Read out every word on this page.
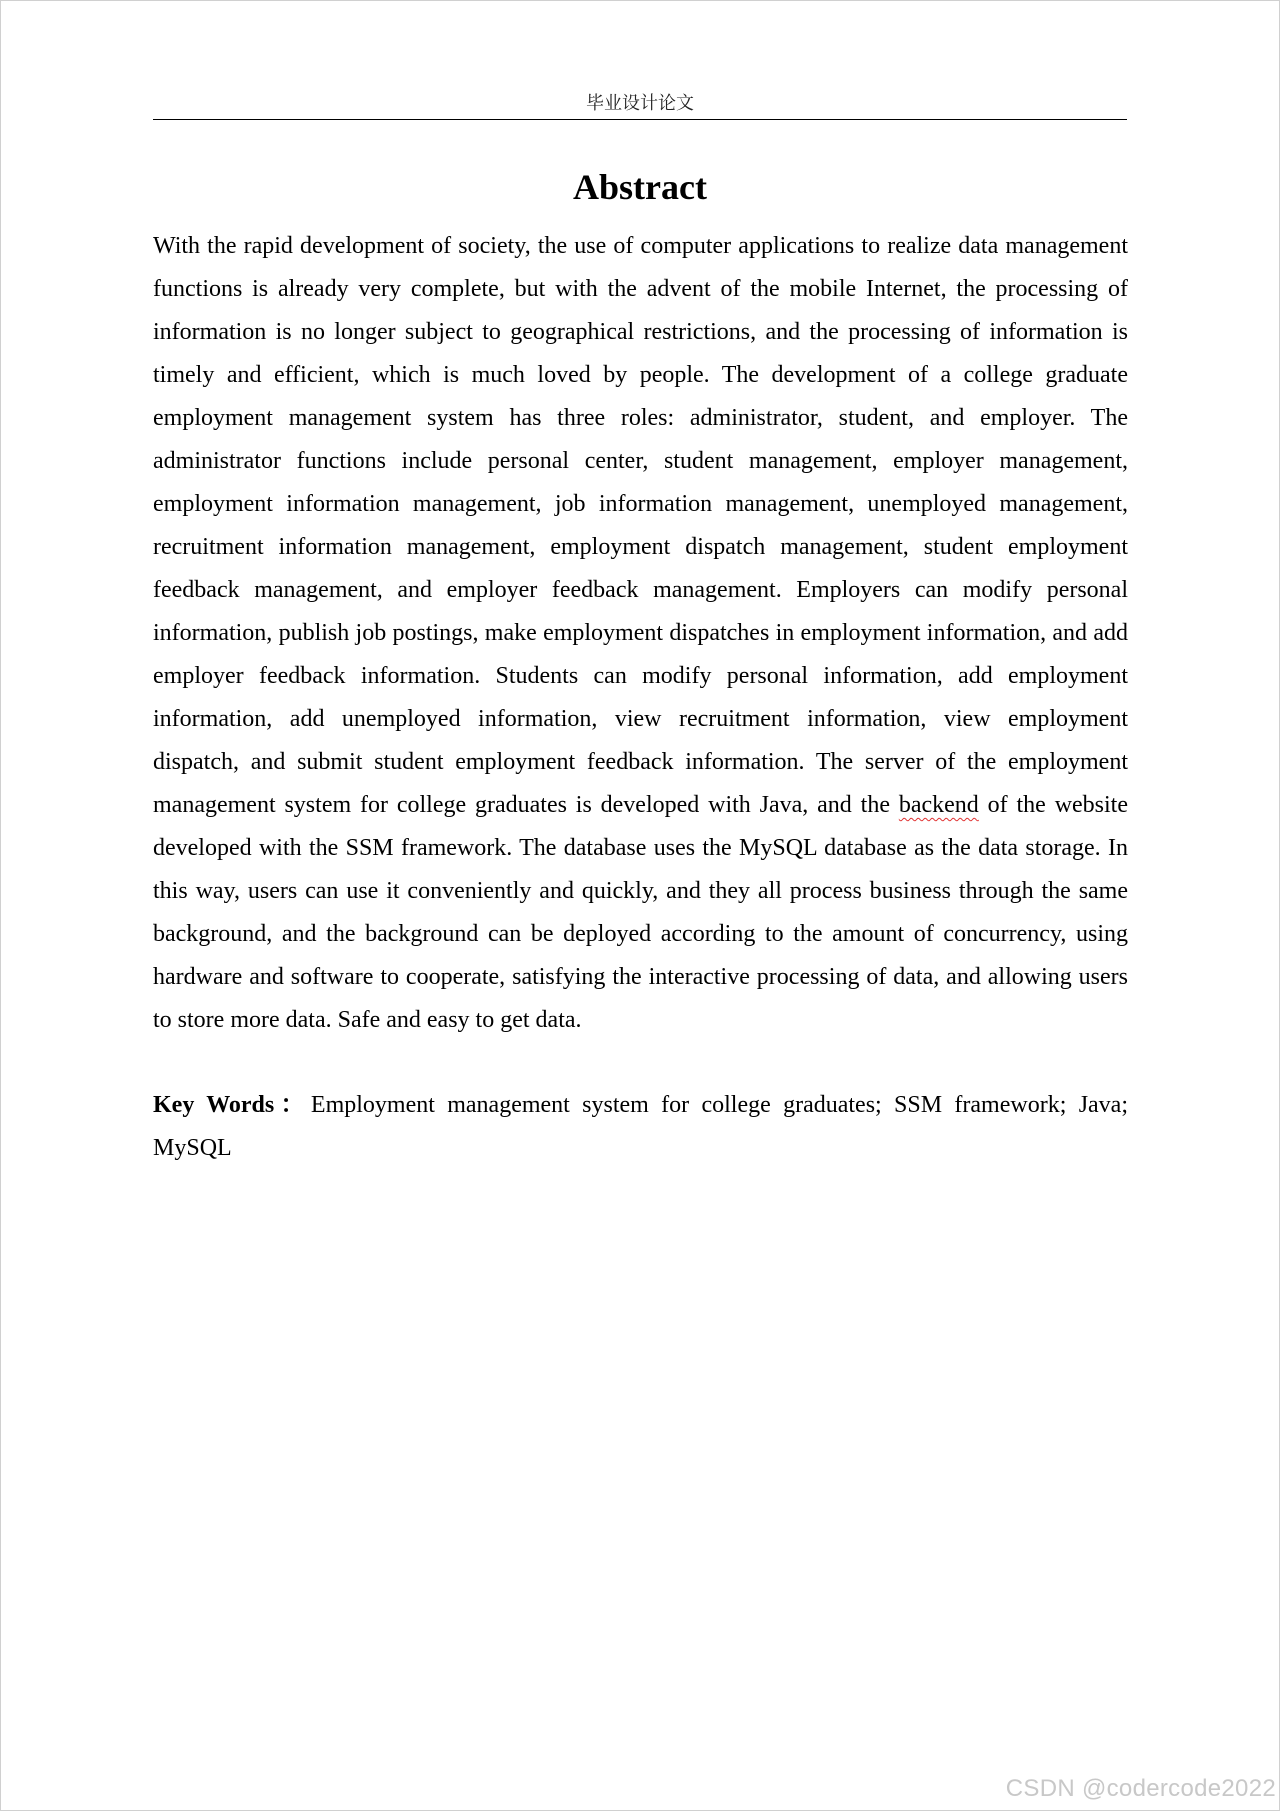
毕业设计论文
Abstract

With the rapid development of society, the use of computer applications to realize data management functions is already very complete, but with the advent of the mobile Internet, the processing of information is no longer subject to geographical restrictions, and the processing of information is timely and efficient, which is much loved by people. The development of a college graduate employment management system has three roles: administrator, student, and employer. The administrator functions include personal center, student management, employer management, employment information management, job information management, unemployed management, recruitment information management, employment dispatch management, student employment feedback management, and employer feedback management. Employers can modify personal information, publish job postings, make employment dispatches in employment information, and add employer feedback information. Students can modify personal information, add employment information, add unemployed information, view recruitment information, view employment dispatch, and submit student employment feedback information. The server of the employment management system for college graduates is developed with Java, and the backend of the website developed with the SSM framework. The database uses the MySQL database as the data storage. In this way, users can use it conveniently and quickly, and they all process business through the same background, and the background can be deployed according to the amount of concurrency, using hardware and software to cooperate, satisfying the interactive processing of data, and allowing users to store more data. Safe and easy to get data.

Key Words：Employment management system for college graduates; SSM framework; Java; MySQL

CSDN @codercode2022
